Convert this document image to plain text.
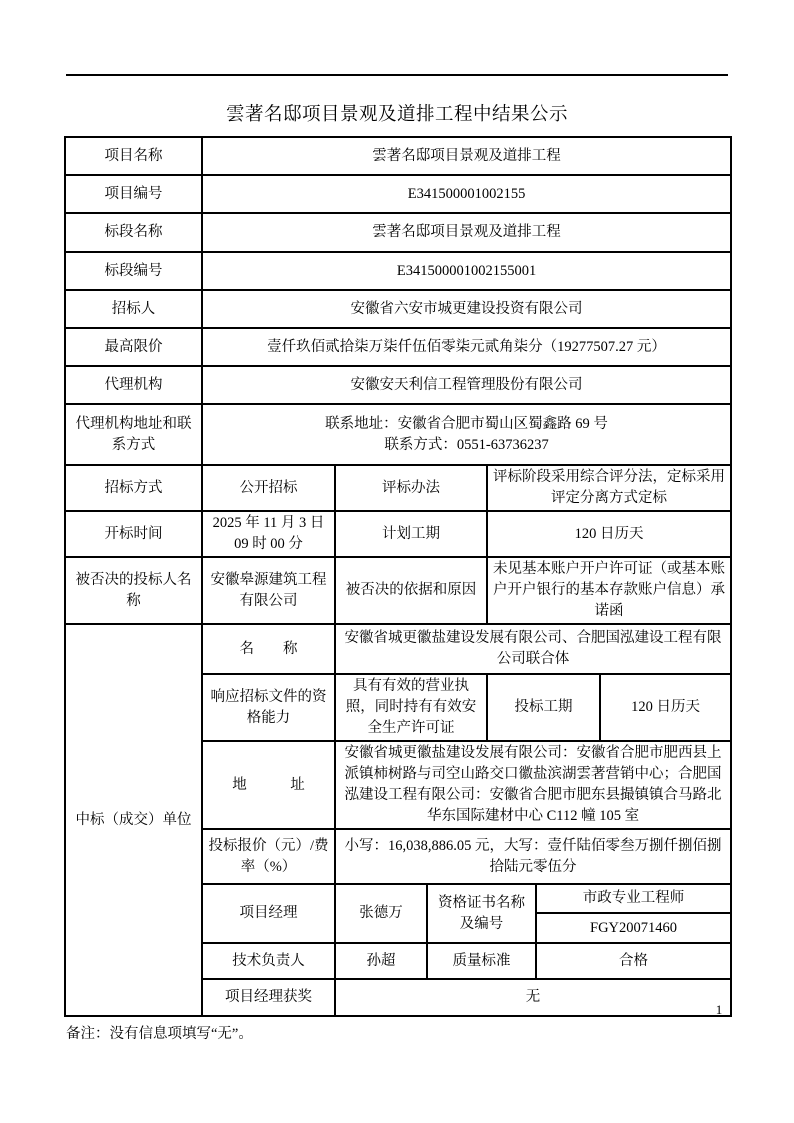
雲著名邸项目景观及道排工程中结果公示
项目名称	雲著名邸项目景观及道排工程					
项目编号	E341500001002155					
标段名称	雲著名邸项目景观及道排工程					
标段编号	E341500001002155001					
招标人	安徽省六安市城更建设投资有限公司					
最高限价	壹仟玖佰贰拾柒万柒仟伍佰零柒元贰角柒分（19277507.27 元）					
代理机构	安徽安天利信工程管理股份有限公司					
代理机构地址和联系方式	联系地址：安徽省合肥市蜀山区蜀鑫路 69 号
联系方式：0551-63736237					

招标方式	公开招标	评标办法		评标阶段采用综合评分法，定标采用评定分离方式定标		
开标时间	2025 年 11 月 3 日 09 时 00 分	计划工期		120 日历天		
被否决的投标人名称	安徽皋源建筑工程有限公司	被否决的依据和原因		未见基本账户开户许可证（或基本账户开户银行的基本存款账户信息）承诺函		
中标（成交）单位	名　　称	安徽省城更徽盐建设发展有限公司、合肥国泓建设工程有限公司联合体				
	响应招标文件的资格能力	具有有效的营业执照，同时持有有效安全生产许可证		投标工期		120 日历天
	地　　　址	安徽省城更徽盐建设发展有限公司：安徽省合肥市肥西县上派镇柿树路与司空山路交口徽盐滨湖雲著营销中心；合肥国泓建设工程有限公司：安徽省合肥市肥东县撮镇镇合马路北华东国际建材中心 C112 幢 105 室				
	投标报价（元）/费率（%）	小写：16,038,886.05 元，大写：壹仟陆佰零叁万捌仟捌佰捌拾陆元零伍分				
	项目经理	张德万	资格证书名称及编号		市政专业工程师	
					FGY20071460	
	技术负责人	孙超	质量标准		合格	
	项目经理获奖	无				
备注：没有信息项填写“无”。
1
